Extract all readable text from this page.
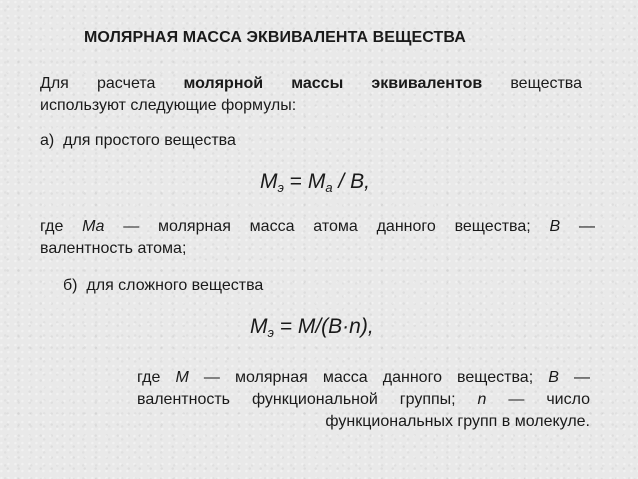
МОЛЯРНАЯ МАССА ЭКВИВАЛЕНТА ВЕЩЕСТВА
Для расчета молярной массы эквивалентов вещества
используют следующие формулы:
а) для простого вещества
$M_э = M_a / B$,
где Ma — молярная масса атома данного вещества; B —
валентность атома;
б) для сложного вещества
$M_э = M/(B\cdot n)$,
где M — молярная масса данного вещества; B —
валентность функциональной группы; n — число
функциональных групп в молекуле.
